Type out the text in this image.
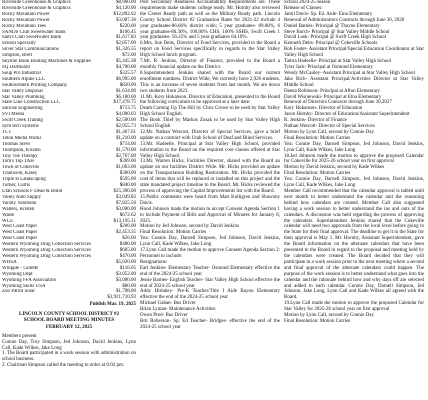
Riverside Greenhouse & Graphics	$8,960.00
Riverside Greenhouse & Graphics	$4,120.00
Rocky Mountain Power	$12,802.62
Rocky Mountain Power	$3,087.36
Rocky Mountain Tees	$220.00
SANDS Club Sweetwater Bank	$106.45
Sam's Club Sweetwater Bank	$1,617.83
School Specialty	$2,857.00
Silver Star Communications	$1,326.55
Simpson, Brett	$72.00
Skyline Book Binding Machines & Supplies	$5,445.38
SQ Dartboard	$4,700.00
Soup Pro Industrial	$325.57
Southern Alpine LLC	$6,995.00
Southwestern Printing Company	$820.00
Star Valley Disposal	$1,634.00
Star Valley Plumbing	$6,180.60
State Line Construction LLC	$17,478.75
Sunrise Engineering	$713.75
SVI Media	$4,000.03
Swift Creek Trading	$2,500.00
Sym tech Systems	$2,955.73
TCT	$1,467.61
Teton Media Works	$1,210.00
Thomas Steve	$714.00
Thompson, Kristen	$1,570.00
Tiny Toe Therapy	$2,767.00
Tom's Top TAH	$369.00
Town of Cokeville	$1,063.00
Trautwein, Kasey	$300.00
Triple H Landscaping	$595.00
Turner, Curtis	$840.00
Utah Schools F Dead & Blind	$25,300.00
Valley Auto Supply	$3,049.82
Varsity Yearbook	$7,825.56
Walters, Kristen	$3,000.00
Waste	$672.62
WCS	$13,195.11
West Coast Paper	$206.00
West Coast Paper	$2,453.35
West Coast Paper	$26.00
Western Wyoming Drug Collection Services	$480.00
Western Wyoming Drug Collection Services	$605.00
Western Wyoming Drug Collection Services	$470.00
WHSA	$5,020.00
Whipple - Gillette	$116.05
Wyoming Dept	$3,052.00
Wyoming FFA Association	$3,000.00
Wyoming Skills USA	$80.00
Zoo Patrol Solar	$1,798.00
$3,921,710.93
Publish Mar. 19, 2025
LINCOLN COUNTY SCHOOL DISTRICT #2
SCHOOL BOARD MEETING MINUTES
FEBRUARY 12, 2025

Members present

Connie Day, Troy Simpson, Jed Johnson, David Jenkins, Lynn Call, Kade Wilkes, Jake Long

1. The Board participated in a work session with administration on school business.

2. Chairman Simpson called the meeting to order at 6:02 pm.

Post Secondary Readiness Accountability Requirements are. These requirements make students college ready. Mr. Hornby also reviewed the Career Ready path as well as the Military Ready path. Lincoln County School District #2 Graduation Rates for 2021-22 include 4 year graduates-86.66% district wide; 5 year graduates- 89.08%, 6 year graduates-86.30%, 100.00% CHS, 100% SSHS, Swift Creek 1 year graduates- 56.25% and 5 year graduates 64.10%.

6.Mrs. Sue Deits, Director of Food Services, provided to the Board a report on Food Services specifically in regards to the Star Valley High School lunch program.

7.Mr. R. Jenkins, Director of Finance, provided to the Board a monthly financial update on the District.

8.Superintendent Jenkins shared with the Board our current enrollment numbers. District Wide, We currently have 2,926 students. This is an increase of seven students from last month. We are down two students from 2023.

11.Mr. Kory Hokanson, Director of Education, presented to the Board the following curriculum to be approved at a later date:

Death Coming Up The Hill by Chris Crowe to be used by Star Valley High School English

The Book Thief by Markus Zusak to be used by Star Valley High School English

12.Mr. Nathan Wescott, Director of Special Services, gave a brief update on a contract with Utah School of Deaf and Blind Services.

13.Mr. Hadeelle, Principal at Star Valley High School, provided information to the Board on the required core classes offered at Star Valley High School.

13.Mr. Warren Hicks, Facilities Director, shared with the Board an update on our facilities District Wide. Mr. Hicks provided an update on the Transportation Building Restoration. Mr. Hicks provided the cost of items that will be replaced or installed on this project and the state mandated project timeline to the Board. Mr. Hicks reviewed the process of approving the Capital Improvements list with the Board.

15.Public comments were heard from Matt Kulligren and Shawnny Davis.

Hood Johnson made the motion to accept Consent Agenda Section 1 to include Payment of Bills and Approval of Minutes for January 8, 2025.

Motion by Jed Johnson, second by David Jenkins

Final Resolution: Motion Carries

Yea: Connie Day, Darnell Simpson, Jed Johnson, David Jenkins, Lynn Call, Kade Wilkes, Jake Long

17.Lynn Call made the motion to approve Consent Agenda Section 2: Personnel to include:

Resignations:

Earl Jenkins- Elementary Teacher- Osmond Elementary effective the end of the 2024-25 school year

Jessie Barnes- English Teacher- Star Valley High School effective the end of 2024-25 school year

Addy Hirlahey- Pre-K Teacher/Title I Aide Bayou Elementary effective the end of the 2024-25 school year

Michael Gaban- Bus Driver

Brian Lyman- Maintenance Activities

Owen Prod- Bus Driver

Brit Roberson- Sp. Ed Teacher- Bridges- effective the end of the 2024-25 school year

School 2024-25 season

Release of Classes:

Jamil Davis- Sp. Ed. Aide- Etna Elementary

Renewal of Administrators Contracts through June 30, 2026

Daniel Barnes- Principal @ Thayne Elementary

Steve Burch- Principal @ Star Valley Middle School

David Lusk- Principal @ Swift Creek High School

Kenneth Deits- Principal @ Cokeville Schools

Bob Foster- Assistant Principal/Special Education Coordinator at Star Valley High School

Tamra Hadeelle- Principal at Star Valley High School

Tyler Jack- Principal at Osmond Elementary

Wendy McCauley- Assistant Principal at Star Valley High School

Jake Rich- Assistant Principal/Activities Director at Star Valley Middle School

Deena Robinson- Principal at Afton Elementary

David Wisniewski- Principal at Etna Elementary

Renewal of Directors Contracts through June 30,2027

Kory Hokanson- Director of Education

Jason Hornby- Director of Education/Assistant Superintendent

R. Jenkins- Director of Finance

Nathan Wescott- Director of Special Services

Motion by Lynn Call, second by Connie Day

Final Resolution: Motion Carries

Yea: Connie Day, Darnell Simpson, Jed Johnson, David Jenkins, Lynn Call, Kade Wilkes, Jake Long

18.Jed Johnson made the motion to approve the proposed Calendar for Cokeville for 2025-26 school year on first approval

Motion by David Jenkins, second by Kade Wilkes

Final Resolution: Motion Carries

Yea: Connie Day, Darnell Simpson, Jed Johnson, David Jenkins, Lynn Call, Kade Wilkes, Jake Long

Member Call recommended that the calendar approval is tabled until next month to better understand the calendar and the reasoning behind how calendars are created. Member Call also suggested having a work session to better understand the ins and outs of the calendars. A discussion was held regarding the process of approving the calendars. Superintendent Jenkins shared that the Cokeville calendar will need two approvals from the local level before going to the State for their final approval. The deadline to get it to the State for their approval is May 1. Mr. Hornby, Assistant Superintendent, gave the Board information on the alternate calendars that have been presented to the Board in regard to the proposal and meeting held by the calendars were created. The Board decided that they will participate in a work session prior to the next meeting where a second and final approval of the alternate calendars could happen. The purpose of the work session is to better understand what goes into the calendar and the rationale behind how and why days off are selected and added to each calendar. Connie Day, Darnell Simpson, Jed Johnson, Jake Long, Lynn Call and Kade Wilkes all agreed with the Board.

19.Lynn Call made the motion to approve the proposed Calendar for Star Valley for 2025-26 school year on first approval

Motion by Lynn Call, second by Connie Day

Final Resolution: Motion Carries
